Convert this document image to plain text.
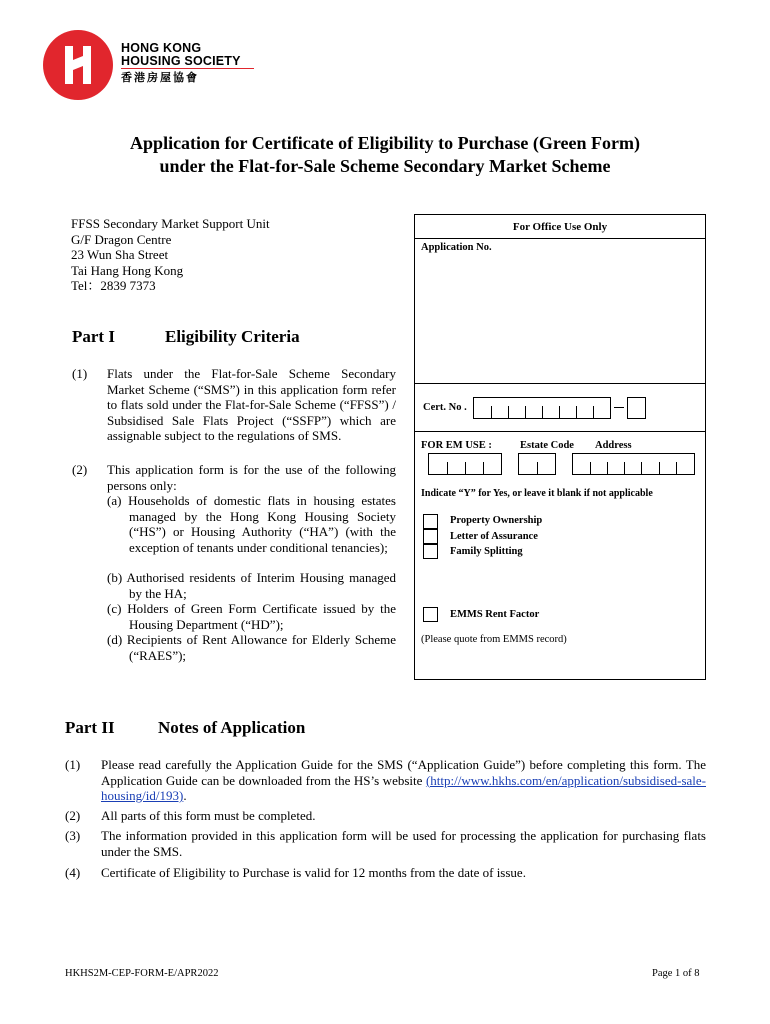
HONG KONG
HOUSING SOCIETY
香港房屋協會
Application for Certificate of Eligibility to Purchase (Green Form)
under the Flat-for-Sale Scheme Secondary Market Scheme
FFSS Secondary Market Support Unit
G/F Dragon Centre
23 Wun Sha Street
Tai Hang Hong Kong
Tel：2839 7373
For Office Use Only
Application No.
Cert. No .
FOR EM USE :	Estate Code Address
Indicate “Y” for Yes, or leave it blank if not applicable
Property Ownership
Letter of Assurance
Family Splitting
EMMS Rent Factor
(Please quote from EMMS record)
Part I	Eligibility Criteria
(1) Flats under the Flat-for-Sale Scheme Secondary Market Scheme (“SMS”) in this application form refer to flats sold under the Flat-for-Sale Scheme (“FFSS”) / Subsidised Sale Flats Project (“SSFP”) which are assignable subject to the regulations of SMS.
(2) This application form is for the use of the following persons only:
(a) Households of domestic flats in housing estates managed by the Hong Kong Housing Society (“HS”) or Housing Authority (“HA”) (with the exception of tenants under conditional tenancies);
(b) Authorised residents of Interim Housing managed by the HA;
(c) Holders of Green Form Certificate issued by the Housing Department (“HD”);
(d) Recipients of Rent Allowance for Elderly Scheme (“RAES”);
Part II	Notes of Application
(1) Please read carefully the Application Guide for the SMS (“Application Guide”) before completing this form. The Application Guide can be downloaded from the HS’s website (http://www.hkhs.com/en/application/subsidised-sale-housing/id/193).
(2) All parts of this form must be completed.
(3) The information provided in this application form will be used for processing the application for purchasing flats under the SMS.
(4) Certificate of Eligibility to Purchase is valid for 12 months from the date of issue.
HKHS2M-CEP-FORM-E/APR2022	Page 1 of 8
